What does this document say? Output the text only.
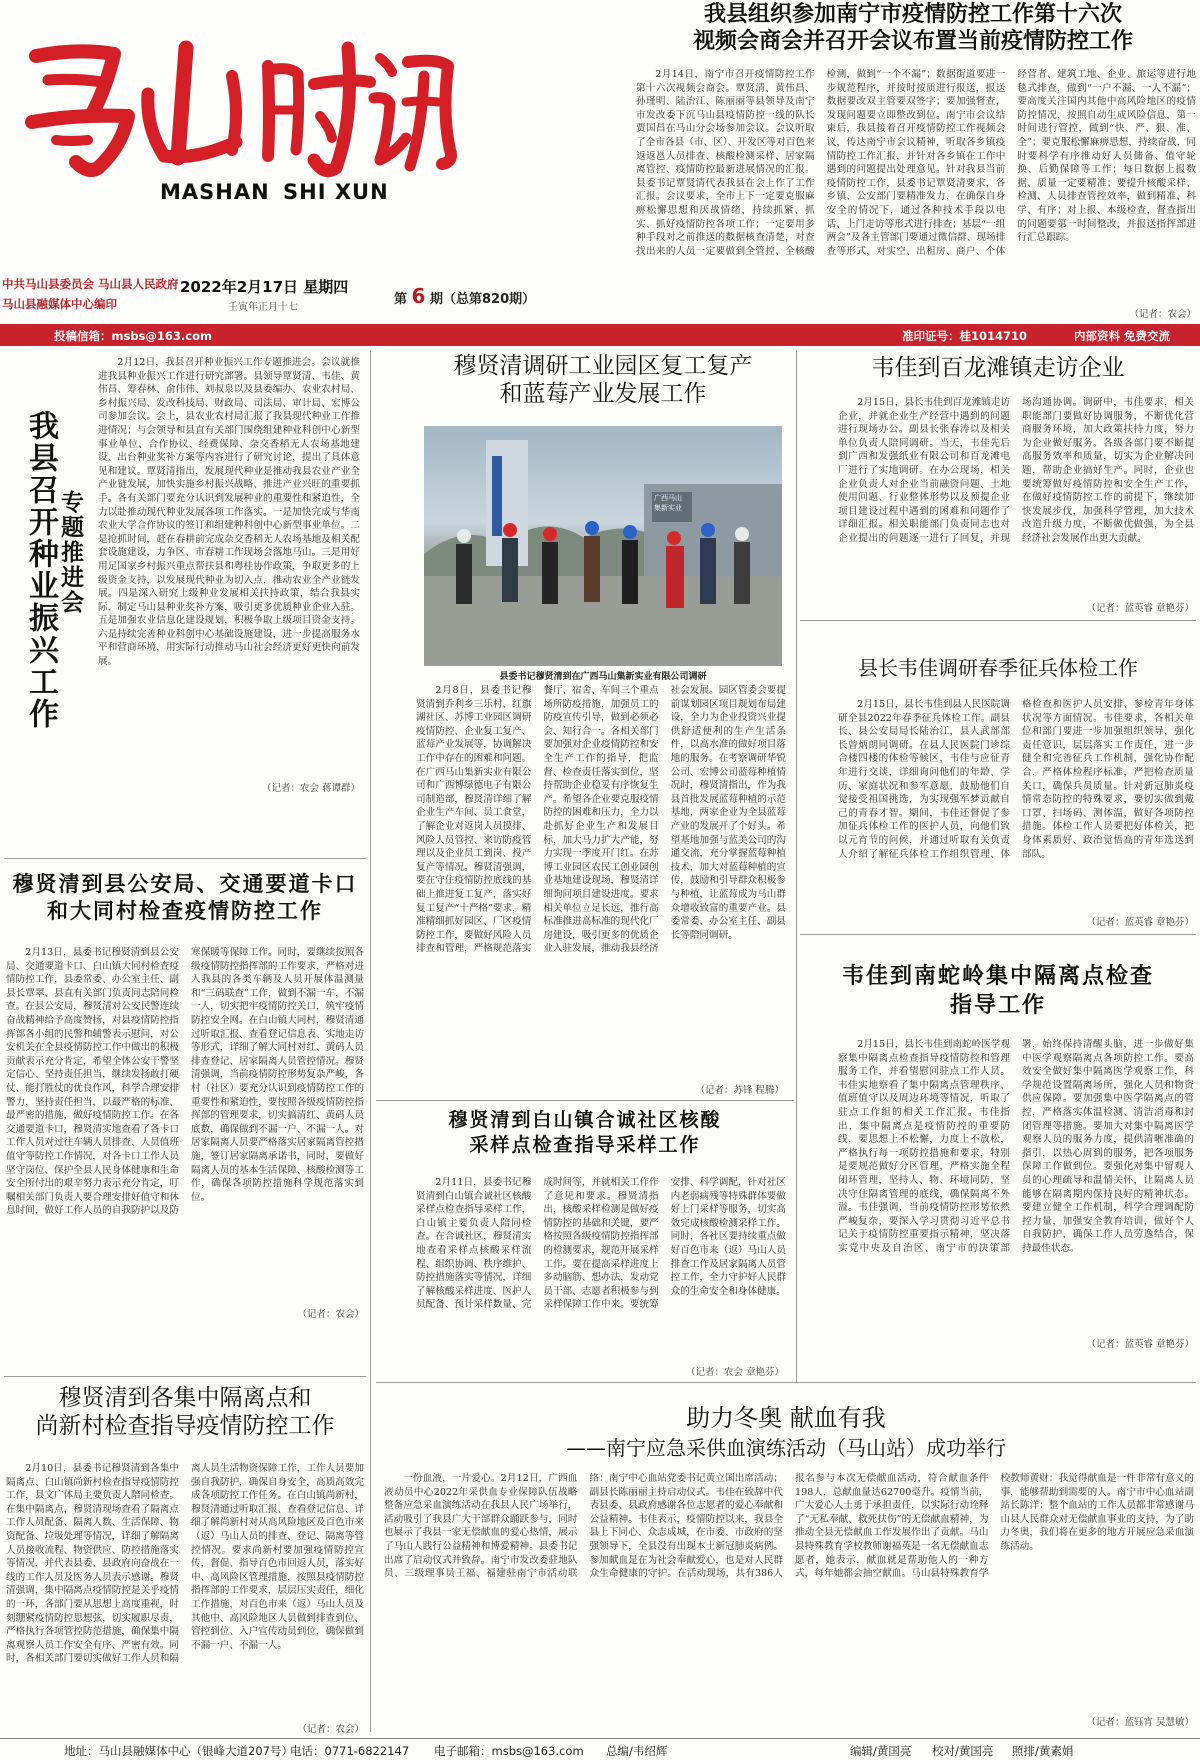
MASHAN SHI XUN
中共马山县委员会 马山县人民政府
马山县融媒体中心编印
2022年2月17日 星期四
壬寅年正月十七
第 6 期（总第820期）
我县组织参加南宁市疫情防控工作第十六次
视频会商会并召开会议布置当前疫情防控工作
2月14日，南宁市召开疫情防控工作第十六次视频会商会。覃贤清、黄伟昌、孙瑾明、陆治江、陈丽丽等县领导及南宁市发改委下沉马山县疫情防控一线的队长贾国昌在马山分会场参加会议。会议听取了全市各县（市、区）、开发区等对百色来返返邕人员排查、核酸检测采样、居家隔离管控、疫情防控最新进展情况的汇报。县委书记覃贤清代表我县在会上作了工作汇报。会议要求，全市上下一定要克服麻痹松懈思想和厌战情绪，持续抓紧、抓实、抓好疫情防控各项工作；一定要用多种手段对之前推送的数据核查清楚，对查找出来的人员一定要做到全管控、全核酸检测，做到“一个不漏”；数据街道要进一步规范程序，并按时按质进行报送，报送数据要改双主管要双签字；要加强督查，发现问题要立即整改到位。南宁市会议结束后，我县接着召开疫情防控工作视频会议，传达南宁市会议精神，听取各乡镇疫情防控工作汇报，并针对各乡镇在工作中遇到的问题提出处理意见。针对我县当前疫情防控工作，县委书记覃贤清要求，各乡镇、公安部门要精准发力，在确保自身安全的情况下，通过各种技术手段以电话、上门走访等形式进行排查；基层“一组两会”及各主管部门要通过微信群、现场排查等形式，对实空、出租房、商户、个体经营者、建筑工地、企业、旅运等进行地毯式排查，做到“一户不漏、一人不漏”；要高度关注国内其他中高风险地区的疫情防控情况，按照自动生成风险信息，第一时间进行管控，做到“快、严、狠、准、全”；要克服松懈麻痹思想，持续奋战，同时要科学有序推动好人员储备、值守轮换、后勤保障等工作；每日数据上报数据、质量一定要精准；要提升核酸采样、检测、人员排查管控效率，做到精准、科学、有序；对上报、本级检查，督查指出的问题要第一时间整改，并报送指挥部进行汇总跟踪。
（记者：农会）
投稿信箱：msbs@163.com	准印证号：桂1014710	内部资料 免费交流
我县召开种业振兴工作 专题推进会
2月12日，我县召开种业振兴工作专题推进会。会议就推进我县种业振兴工作进行研究部署。县领导覃贤清、韦佳、黄伟昌、筹春林、俞伟伟、刘叔泉以及县委编办、农业农村局、乡村振兴局、发改科技局、财政局、司法局、审计局、宏博公司参加会议。会上，县农业农村局汇报了我县现代种业工作推进情况；与会领导和县直有关部门围绕组建种业科创中心新型事业单位、合作协议、经费保障、杂交香稻无人农场基地建设、出台种业奖补方案等内容进行了研究讨论，提出了具体意见和建议。覃贤清指出，发展现代种业是推动我县农业产业全产业链发展，加快实施乡村振兴战略、推进产业兴旺的重要抓手。各有关部门要充分认识到发展种业的重要性和紧迫性，全力以赴推动现代种业发展各项工作落实。一是加快完成与华南农业大学合作协议的签订和组建种科创中心新型事业单位。二是抢抓时间，赶在春耕前完成杂交香稻无人农场基地及相关配套设施建设，力争区、市春耕工作现场会落地马山。三是用好用足国家乡村振兴重点帮扶县和粤桂协作政策，争取更多的上级资金支持，以发展现代种业为切入点，推动农业全产业链发展。四是深入研究上级种业发展相关扶持政策，结合我县实际，制定马山县种业奖补方案，吸引更多优质种业企业入驻。五是加强农业信息化建设规划，积极争取上级项目资金支持。六是持续完善种业科创中心基础设施建设，进一步提高服务水平和营商环境，用实际行动推动马山社会经济更好更快向前发展。
（记者：农会 蒋谭群）
穆贤清到县公安局、交通要道卡口
和大同村检查疫情防控工作
2月13日，县委书记穆贤清到县公安局、交通要道卡口、白山镇大同村检查疫情防控工作，县委常委、办公室主任、副县长覃翠、县直有关部门负责同志陪同检查。在县公安局，穆贤清对公安民警连续奋战精神给予高度赞扬，对县疫情防控指挥部各小组的民警和辅警表示慰问，对公安机关在全县疫情防控工作中做出的积极贡献表示充分肯定，希望全体公安干警坚定信心、坚持责任担当，继续发扬敢打硬仗、能打胜仗的优良作风，科学合理安排警力，坚持责任担当，以最严格的标准、最严密的措施，做好疫情防控工作。在各交通要道卡口，穆贤清实地查看了各卡口工作人员对过往车辆人员排查、人员值班值守等防控工作情况，对各卡口工作人员坚守岗位、保护全县人民身体健康和生命安全所付出的艰辛努力表示充分肯定，叮嘱相关部门负责人要合理安排好值守和休息时间，做好工作人员的自我防护以及防寒保暖等保障工作。同时，要继续按照各级疫情防控指挥部的工作要求，严格对进入我县的各类车辆及人员开展体温测量和“三码联查”工作，做到不漏一车，不漏一人，切实把牢疫情防控关口，筑牢疫情防控安全网。在白山镇大同村，穆贤清通过听取汇报、查看登记信息表、实地走访等形式，详细了解大同村对红、黄码人员排查登记、居家隔离人员管控情况。穆贤清强调，当前疫情防控形势复杂严峻，各村（社区）要充分认识到疫情防控工作的重要性和紧迫性，要按照各级疫情防控指挥部的管理要求，切实搞清红、黄码人员底数，确保做到不漏一户、不漏一人。对居家隔离人员要严格落实居家隔离管控措施，签订居家隔离承诺书，同时，要做好隔离人员的基本生活保障、核酸检测等工作，确保各项防控措施科学规范落实到位。
（记者：农会）
穆贤清到各集中隔离点和
尚新村检查指导疫情防控工作
2月10日，县委书记穆贤清到各集中隔离点、白山镇尚新村检查指导疫情防控工作，县文广体局主要负责人陪同检查。在集中隔离点，穆贤清现场查看了隔离点工作人员配备、隔离人数、生活保障、物资配备、垃圾处理等情况，详细了解隔离人员接收流程、物资供应、防控措施落实等情况，并代表县委、县政府向奋战在一线的工作人员及医务人员表示感谢。穆贤清强调，集中隔离点疫情防控是关乎疫情的一环，各部门要从思想上高度重视，时刻绷紧疫情防控思想弦，切实履职尽责，严格执行各项管控防范措施，确保集中隔离观察人员工作安全有序、严密有效。同时，各相关部门要切实做好工作人员和隔离人员生活物资保障工作，工作人员要加强自我防护，确保自身安全，高质高效完成各项防控工作任务。在白山镇尚新村，穆贤清通过听取汇报、查看登记信息、详细了解尚新村对从高风险地区及百色市来（返）马山人员的排查、登记、隔离等管控情况。要求尚新村要加强疫情防控宣传，督促、指导百色市回返人员，落实好中、高风险区管理措施，按照县疫情防控指挥部的工作要求，层层压实责任，细化工作措施，对百色市来（返）马山人员及其他中、高风险地区人员做到排查到位、管控到位、入户宣传动员到位，确保做到不漏一户、不漏一人。
（记者：农会）
穆贤清调研工业园区复工复产
和蓝莓产业发展工作
广西马山
集新实业
县委书记穆贤清到在广西马山集新实业有限公司调研
2月8日，县委书记穆贤清到乔利乡三乐村、红旗湖社区、苏博工业园区调研疫情防控、企业复工复产、蓝莓产业发展等，协调解决工作中存在的困难和问题。在广西马山集新实业有限公司和广西博绿德电子有限公司制造部，穆贤清详细了解企业生产车间、员工食堂，了解企业对返岗人员摸排、风险人员管控、来访防疫管理以及企业员工到岗、投产复产等情况。穆贤清强调，要在守住疫情防控底线的基础上推进复工复产，落实好复工复产“十严格”要求，精准精细抓好园区、厂区疫情防控工作，要做好风险人员排查和管理，严格规范落实餐厅、宿舍、车间三个重点场所防疫措施，加强员工的防疫宣传引导，做到必须必会、知行合一。各相关部门要加强对企业疫情防控和安全生产工作的指导，把监督、检查责任落实到位，坚持帮助企业稳妥有序恢复生产。希望各企业要克服疫情防控的困难和压力，全力以赴抓好企业生产和发展目标，加大马力扩大产能，努力实现一季度开门红。在苏博工业园区农民工创业园创业基地建设现场，穆贤清详细询问项目建设进度。要求相关单位立足长远，推行高标准推进高标准的现代化厂房建设，吸引更多的优质企业入驻发展，推动我县经济社会发展。园区管委会要提前谋划园区项目规划布局建设，全力为企业投资兴业提供舒适便利的生产生活条件，以高水准的做好项目落地的服务。在考察调研华锐公司、宏博公司蓝莓种植情况时，穆贤清指出，作为我县首批发展蓝莓种植的示范基地，两家企业为全县蓝莓产业的发展开了个好头。希望基地加强与蓝美公司的沟通交流，充分掌握蓝莓种植技术，加大对蓝莓种植的宣传，鼓励和引导群众积极参与种植，让蓝莓成为马山群众增收致富的重要产业。县委常委、办公室主任、副县长等陪同调研。
（记者：苏锋 程腾）
穆贤清到白山镇合诚社区核酸
采样点检查指导采样工作
2月11日，县委书记穆贤清到白山镇合诚社区核酸采样点检查指导采样工作，白山镇主要负责人陪同检查。在合诚社区，穆贤清实地查看采样点核酸采样流程、组织协调、秩序维护、防控措施落实等情况，详细了解核酸采样进度、医护人员配备、预计采样数量、完成时间等，并就相关工作作了意见和要求。穆贤清指出，核酸采样检测是做好疫情防控的基础和关键，要严格按照各级疫情防控指挥部的检测要求，规范开展采样工作。要在提高采样进度上多动脑筋、想办法，发动党员干部、志愿者积极参与到采样保障工作中来。要统筹安排、科学调配，针对社区内老弱病残等特殊群体要做好上门采样等服务，切实高效完成核酸检测采样工作。同时，各社区要持续重点做好百色市来（返）马山人员排查工作及居家隔离人员管控工作，全力守护好人民群众的生命安全和身体健康。
（记者：农会 章艳芬）
韦佳到百龙滩镇走访企业
2月15日，县长韦佳到百龙滩镇走访企业，并就企业生产经营中遇到的问题进行现场办公。副县长张春涛以及相关单位负责人陪同调研。当天，韦佳先后到广西和发强纸业有限公司和百龙滩电厂进行了实地调研。在办公现场，相关企业负责人对企业当前融资问题、土地使用问题、行业整体形势以及预提企业项目建设过程中遇到的困难和问题作了详细汇报。相关职能部门负责同志也对企业提出的问题逐一进行了回复，并现场沟通协调。调研中，韦佳要求，相关职能部门要做好协调服务，不断优化营商服务环境，加大政策扶持力度，努力为企业做好服务。各级各部门要不断提高服务效率和质量，切实为企业解决问题，帮助企业搞好生产。同时，企业也要统筹做好疫情防控和安全生产工作，在做好疫情防控工作的前提下，继续加快发展步伐，加强科学管理，加大技术改造升级力度，不断做优做强，为全县经济社会发展作出更大贡献。
（记者：蓝英睿 章艳芬）
县长韦佳调研春季征兵体检工作
2月15日，县长韦佳到县人民医院调研全县2022年春季征兵体检工作。副县长、县公安局局长陆治江，县人武部部长曾炳朗同调研。在县人民医院门诊综合楼四楼的体检等候区，韦佳与应征青年进行交谈，详细询问他们的年龄、学历、家庭状况和参军意愿，鼓励他们自觉接受祖国挑选，为实现强军梦贡献自己的青春才智。期间，韦佳还督促了参加征兵体检工作的医护人员，向他们致以元宵节的问候，并通过听取有关负责人介绍了解征兵体检工作组织管理、体格检查和医护人员安排、参检青年身体状况等方面情况。韦佳要求，各相关单位和部门要进一步加强组织领导，强化责任意识，层层落实工作责任，进一步健全和完善征兵工作机制，强化协作配合，严格体检程序标准，严把检查质量关口，确保兵员质量。针对新冠肺炎疫情常态防控的特殊要求，要切实做到戴口罩、扫场码、测体温，做好各项防控措施。体检工作人员要把好体检关，把身体素质好、政治觉悟高的青年选送到部队。
（记者：蓝英睿 章艳芬）
韦佳到南蛇岭集中隔离点检查
指导工作
2月15日，县长韦佳到南蛇岭医学观察集中隔离点检查指导疫情防控和管理服务工作，并看望慰问驻点工作人员。韦佳实地察看了集中隔离点管理秩序、值班值守以及周边环境等情况，听取了驻点工作组的相关工作汇报。韦佳指出，集中隔离点是疫情防控的重要防线，要思想上不松懈，力度上不放松，严格执行每一项防控措施和要求，特别是要规范做好分区管理，严格实施全程闭环管理，坚持人、物、环境同防，坚决守住隔离管理的底线，确保隔离不外溢。韦佳强调，当前疫情防控形势依然严峻复杂，要深入学习贯彻习近平总书记关于疫情防控重要指示精神，坚决落实党中央及自治区、南宁市的决策部署，始终保持清醒头脑，进一步做好集中医学观察隔离点各项防控工作。要高效安全做好集中隔离医学观察工作，科学规范设置隔离场所，强化人员和物资供应保障。要加强集中医学隔离点的管控，严格落实体温检测、清洁消毒和封闭管理等措施。要加大对集中隔离医学观察人员的服务力度，提供清晰准确的指引，以热心周到的服务，把各项服务保障工作做到位。要强化对集中留观人员的心理疏导和温情关怀，让隔离人员能够在隔离期内保持良好的精神状态。要建立健全工作机制，科学合理调配防控力量，加强安全教育培训，做好个人自我防护，确保工作人员劳逸结合，保持最佳状态。
（记者：蓝英睿 章艳芬）
助力冬奥 献血有我
——南宁应急采供血演练活动（马山站）成功举行
一份血液，一片爱心。2月12日，广西血液动员中心2022年采供血专业保障队伍战略整备应急采血演练活动在我县人民广场举行，活动吸引了我县广大干部群众踊跃参与，同时也展示了我县一家无偿献血的爱心热情，展示了马山人践行公益精神和博爱精神。县委书记出席了启动仪式并致辞。南宁市发改委驻地队员、三级理事员王福、福建驻南宁市活动联络：南宁中心血站党委书记黄立国出席活动；副县长陈丽丽主持启动仪式。韦佳在致辞中代表县委、县政府感谢各位志愿者的爱心奉献和公益精神。韦佳表示，疫情防控以来，我县全县上下同心、众志成城，在市委、市政府的坚强领导下，全县没有出现本土新冠肺炎病例。参加献血是在为社会奉献爱心，也是对人民群众生命健康的守护。在活动现场，共有386人报名参与本次无偿献血活动，符合献血条件198人，总献血量达62700毫升。疫情当前，广大爱心人士勇于承担责任，以实际行动诠释了“无私奉献、救死扶伤”的无偿献血精神，为推动全县无偿献血工作发展作出了贡献。马山县特殊教育学校教师谢福英是一名无偿献血志愿者，她表示，献血就是帮助他人的一种方式，每年她都会抽空献血。马山县特殊教育学校教师黄财：我觉得献血是一件非常有意义的事，能够帮助到需要的人。南宁市中心血站副站长陈洋：整个血站的工作人员都非常感谢马山县人民群众对无偿献血事业的支持，为了助力冬奥，我们将在更多的地方开展应急采血演练活动。
（记者：蓝钰宵 吴慧敏）
地址：马山县融媒体中心（银峰大道207号）
电话：0771-6822147 电子邮箱：msbs@163.com 总编/韦绍辉	编辑/黄国亮 校对/黄国亮 照排/黄素娟
